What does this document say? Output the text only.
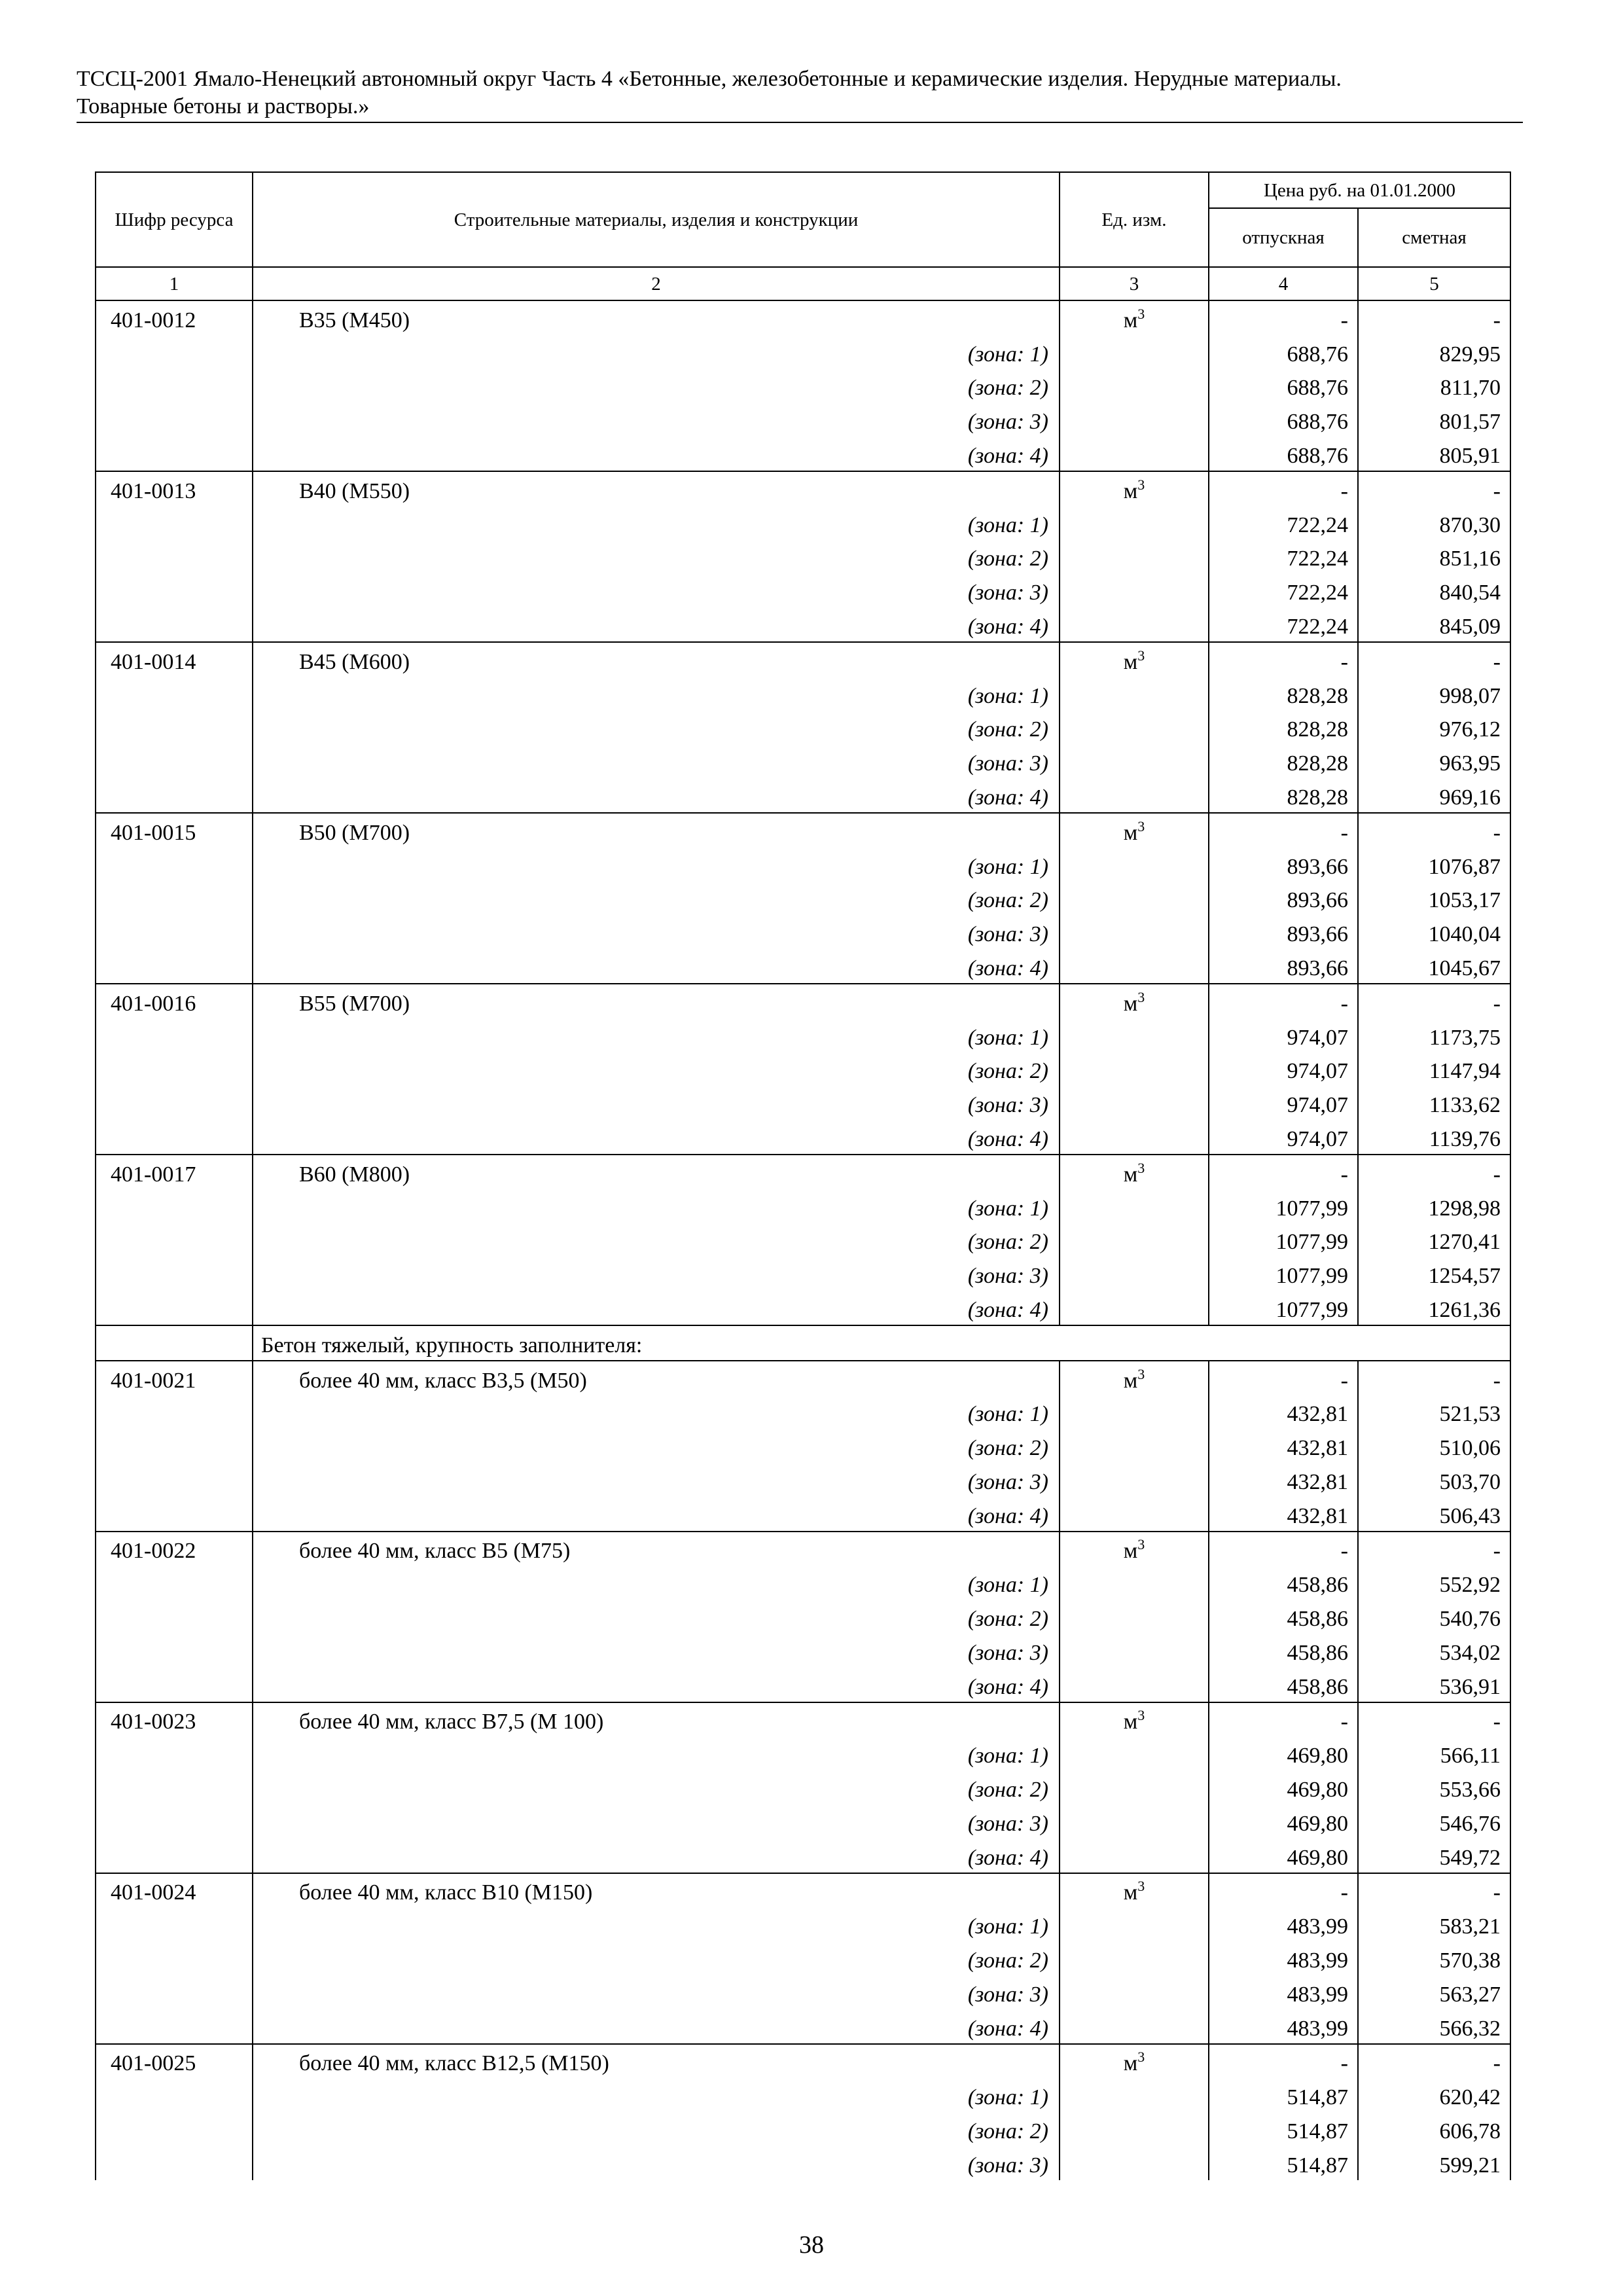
ТССЦ-2001 Ямало-Ненецкий автономный округ Часть 4 «Бетонные, железобетонные и керамические изделия. Нерудные материалы.
Товарные бетоны и растворы.»
Шифр ресурса	Строительные материалы, изделия и конструкции	Ед. изм.	Цена руб. на 01.01.2000	
			отпускная	сметная
1	2	3	4	5
401-0012	B35 (M450)	$м^3$	-	-
	(зона: 1)		688,76	829,95
	(зона: 2)		688,76	811,70
	(зона: 3)		688,76	801,57
	(зона: 4)		688,76	805,91
401-0013	B40 (M550)	$м^3$	-	-
	(зона: 1)		722,24	870,30
	(зона: 2)		722,24	851,16
	(зона: 3)		722,24	840,54
	(зона: 4)		722,24	845,09
401-0014	B45 (M600)	$м^3$	-	-
	(зона: 1)		828,28	998,07
	(зона: 2)		828,28	976,12
	(зона: 3)		828,28	963,95
	(зона: 4)		828,28	969,16
401-0015	B50 (M700)	$м^3$	-	-
	(зона: 1)		893,66	1076,87
	(зона: 2)		893,66	1053,17
	(зона: 3)		893,66	1040,04
	(зона: 4)		893,66	1045,67
401-0016	B55 (M700)	$м^3$	-	-
	(зона: 1)		974,07	1173,75
	(зона: 2)		974,07	1147,94
	(зона: 3)		974,07	1133,62
	(зона: 4)		974,07	1139,76
401-0017	B60 (M800)	$м^3$	-	-
	(зона: 1)		1077,99	1298,98
	(зона: 2)		1077,99	1270,41
	(зона: 3)		1077,99	1254,57
	(зона: 4)		1077,99	1261,36
	Бетон тяжелый, крупность заполнителя:			
401-0021	более 40 мм, класс B3,5 (M50)	$м^3$	-	-
	(зона: 1)		432,81	521,53
	(зона: 2)		432,81	510,06
	(зона: 3)		432,81	503,70
	(зона: 4)		432,81	506,43
401-0022	более 40 мм, класс B5 (M75)	$м^3$	-	-
	(зона: 1)		458,86	552,92
	(зона: 2)		458,86	540,76
	(зона: 3)		458,86	534,02
	(зона: 4)		458,86	536,91
401-0023	более 40 мм, класс B7,5 (M 100)	$м^3$	-	-
	(зона: 1)		469,80	566,11
	(зона: 2)		469,80	553,66
	(зона: 3)		469,80	546,76
	(зона: 4)		469,80	549,72
401-0024	более 40 мм, класс B10 (M150)	$м^3$	-	-
	(зона: 1)		483,99	583,21
	(зона: 2)		483,99	570,38
	(зона: 3)		483,99	563,27
	(зона: 4)		483,99	566,32
401-0025	более 40 мм, класс B12,5 (M150)	$м^3$	-	-
	(зона: 1)		514,87	620,42
	(зона: 2)		514,87	606,78
	(зона: 3)		514,87	599,21
38
